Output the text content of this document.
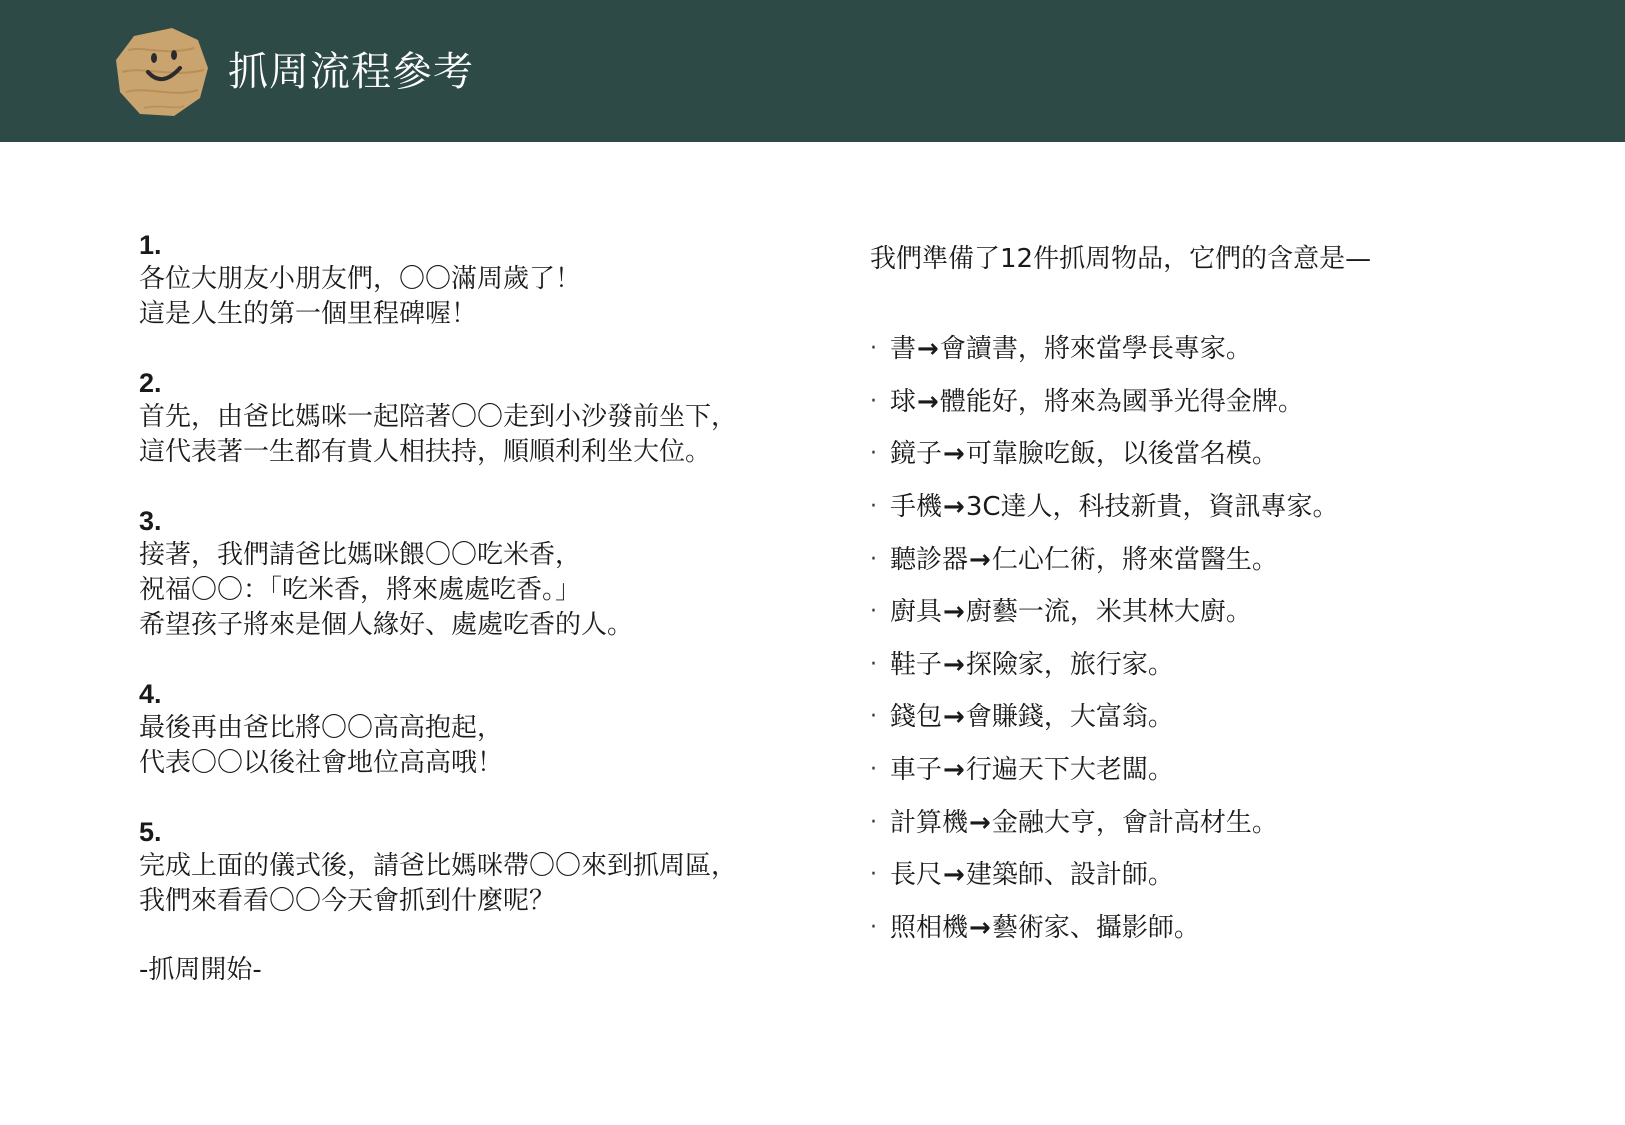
抓周流程參考
1.
各位大朋友小朋友們，〇〇滿周歲了！
這是人生的第一個里程碑喔！
2.
首先，由爸比媽咪一起陪著〇〇走到小沙發前坐下，
這代表著一生都有貴人相扶持，順順利利坐大位。
3.
接著，我們請爸比媽咪餵〇〇吃米香，
祝福〇〇：「吃米香，將來處處吃香。」
希望孩子將來是個人緣好、處處吃香的人。
4.
最後再由爸比將〇〇高高抱起，
代表〇〇以後社會地位高高哦！
5.
完成上面的儀式後，請爸比媽咪帶〇〇來到抓周區，
我們來看看〇〇今天會抓到什麼呢？
-抓周開始-
我們準備了12件抓周物品，它們的含意是—
· 書 → 會讀書，將來當學長專家。
· 球 → 體能好，將來為國爭光得金牌。
· 鏡子 → 可靠臉吃飯，以後當名模。
· 手機 → 3C達人，科技新貴，資訊專家。
· 聽診器 → 仁心仁術，將來當醫生。
· 廚具 → 廚藝一流，米其林大廚。
· 鞋子 → 探險家，旅行家。
· 錢包 → 會賺錢，大富翁。
· 車子 → 行遍天下大老闆。
· 計算機 → 金融大亨，會計高材生。
· 長尺 → 建築師、設計師。
· 照相機 → 藝術家、攝影師。
